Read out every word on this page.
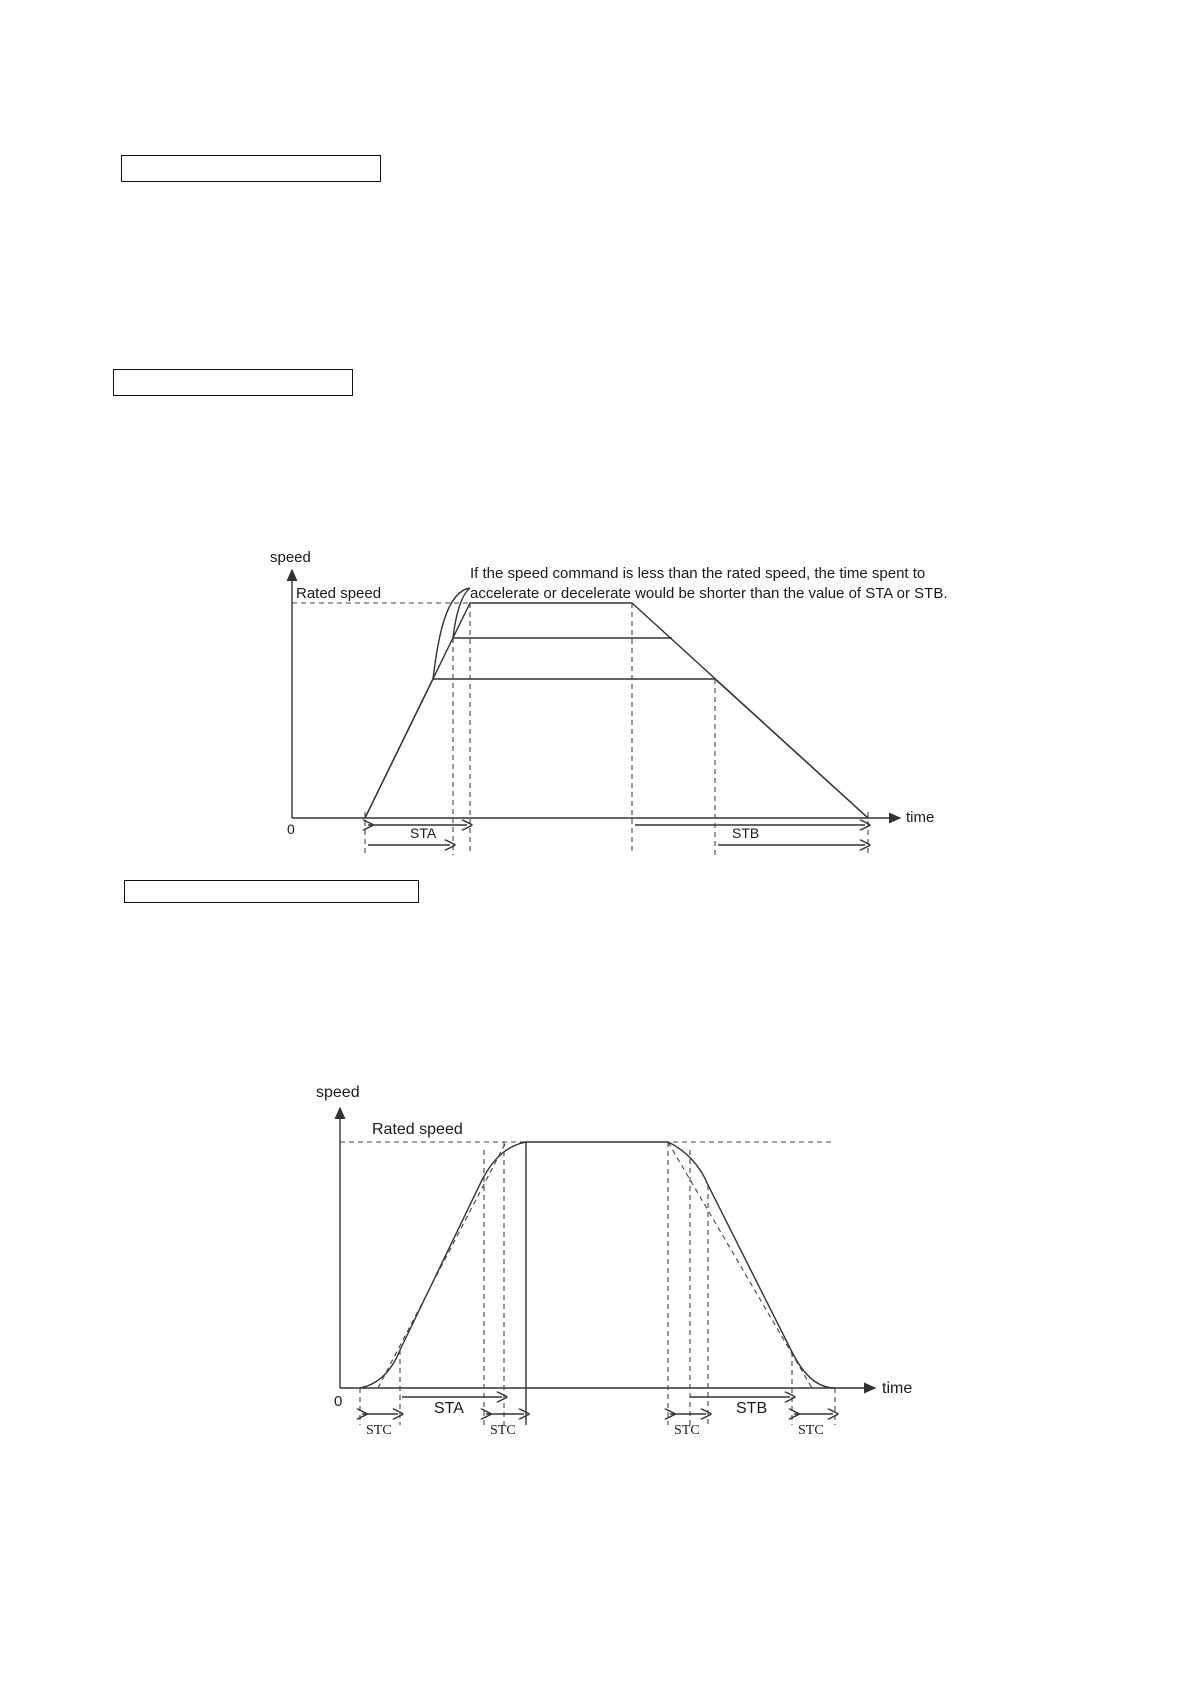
speed
time
0
Rated speed
If the speed command is less than the rated speed, the time spent to
accelerate or decelerate would be shorter than the value of STA or STB.
STA	STB
speed
time
0
Rated speed
STA	STB
STC	STC	STC	STC
